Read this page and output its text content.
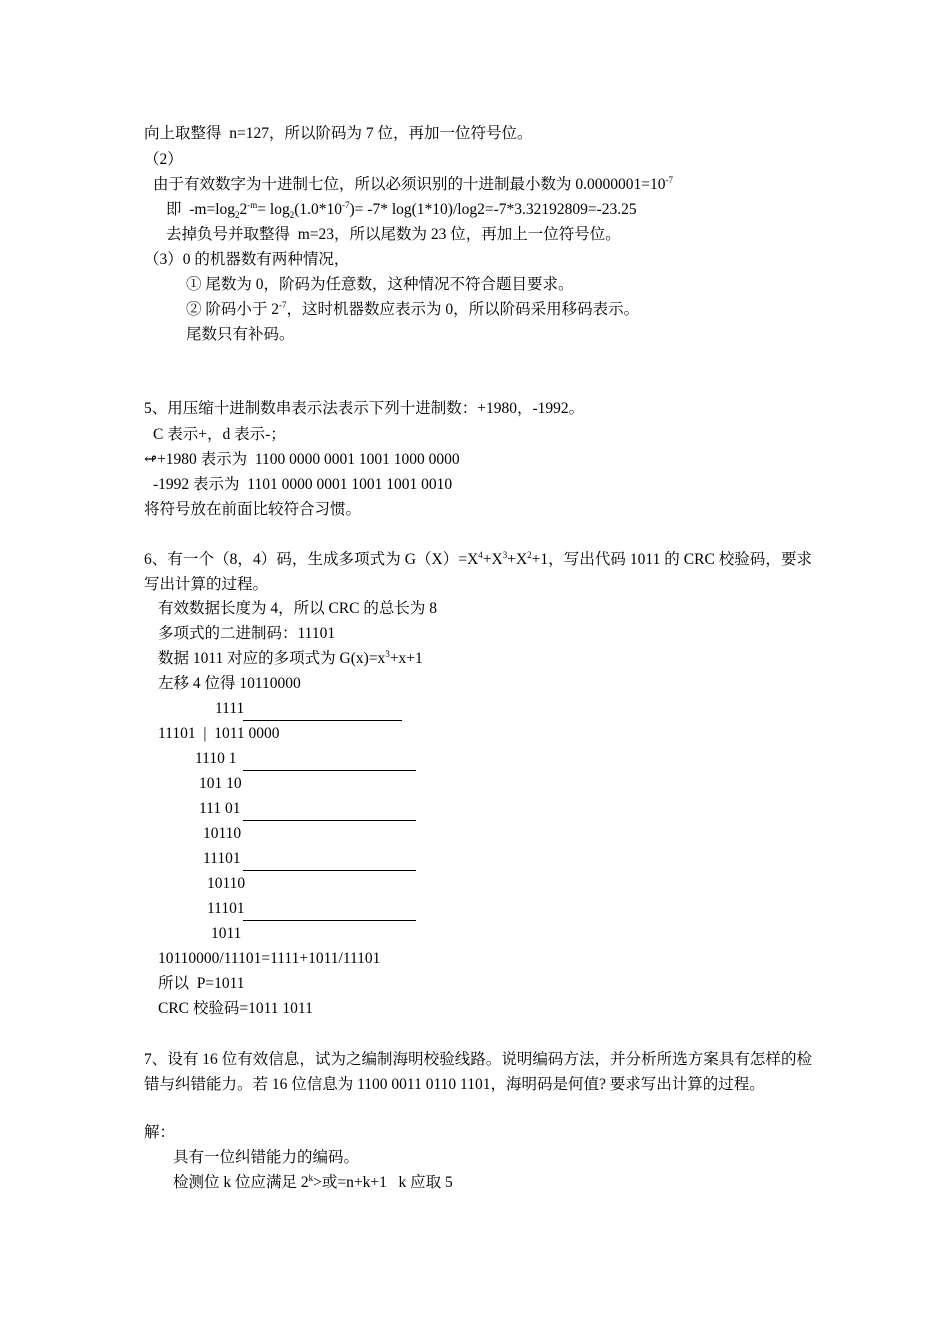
向上取整得  n=127，所以阶码为 7 位，再加一位符号位。
（2）
由于有效数字为十进制七位，所以必须识别的十进制最小数为 $0.0000001=10^{-7}$
即  $-m=\log_22^{-m}= \log_2(1.0*10^{-7})= -7*$ log(1*10)/log2=-7*3.32192809=-23.25
去掉负号并取整得  m=23，所以尾数为 23 位，再加上一位符号位。
（3）0 的机器数有两种情况，
① 尾数为 0，阶码为任意数，这种情况不符合题目要求。
② 阶码小于 $2^{-7}$，这时机器数应表示为 0，所以阶码采用移码表示。
尾数只有补码。
5、用压缩十进制数串表示法表示下列十进制数：+1980，-1992。
C 表示+，d 表示-；
↫+1980 表示为  1100 0000 0001 1001 1000 0000
-1992 表示为  1101 0000 0001 1001 1001 0010
将符号放在前面比较符合习惯。
6、有一个（8，4）码，生成多项式为 $G(X)=X^4+X^3+X^2+1$，写出代码 1011 的 CRC 校验码，要求写出计算的过程。
有效数据长度为 4，所以 CRC 的总长为 8
多项式的二进制码：11101
数据 1011 对应的多项式为 $G(x)=x^3+x+1$
左移 4 位得 10110000
1111
11101  |  1011 0000
1110 1
101 10
111 01
10110
11101
10110
11101
1011
10110000/11101=1111+1011/11101
所以  P=1011
CRC 校验码=1011 1011
7、设有 16 位有效信息，试为之编制海明校验线路。说明编码方法，并分析所选方案具有怎样的检错与纠错能力。若 16 位信息为 1100 0011 0110 1101，海明码是何值? 要求写出计算的过程。
解：
具有一位纠错能力的编码。
检测位 k 位应满足 $2^k>$或=n+k+1   k 应取 5
